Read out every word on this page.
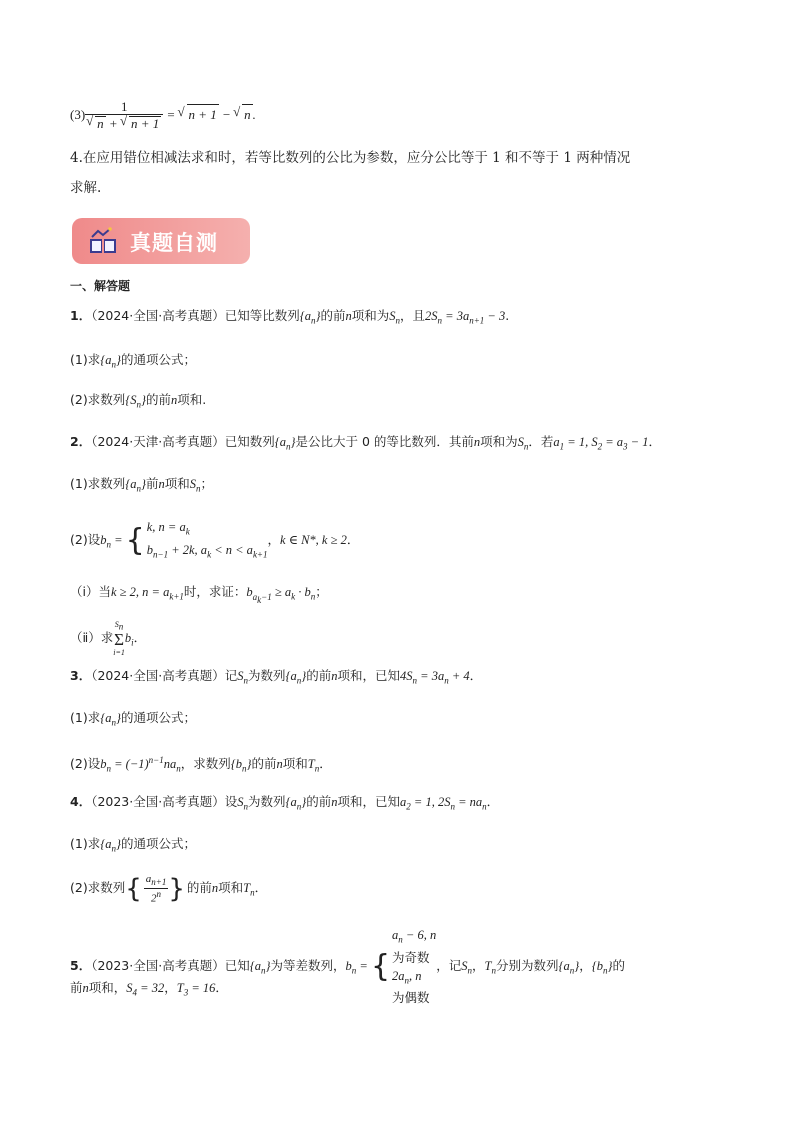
(3) 1
√ n + √ n + 1 = √ n + 1 − √ n .
4.在应用错位相减法求和时，若等比数列的公比为参数，应分公比等于 1 和不等于 1 两种情况
求解.
真题自测
一、解答题
1．（2024·全国·高考真题）已知等比数列$\{a_n\}$的前n项和为$S_n$，且$2S_n = 3a_{n+1} - 3$.
(1)求$\{a_n\}$的通项公式；
(2)求数列$\{S_n\}$的前n项和.
2．（2024·天津·高考真题）已知数列$\{a_n\}$是公比大于 0 的等比数列．其前n项和为$S_n$．若$a_1 = 1$, $S_2 = a_3 - 1$．
(1)求数列$\{a_n\}$前n项和$S_n$；
(2)设$b_n$ = { k, $n = a_k$
$b_{n-1} + 2k$, $a_k < n < a_{k+1}$
，k ∈ N*, k ≥ 2．
（ⅰ）当k ≥ 2, $n = a_{k+1}$时，求证：$b_{a_k-1} \ge a_k \cdot b_n$；
（ⅱ）求$S_n$
Σ
$i=1b_i$．
3．（2024·全国·高考真题）记$S_n$为数列$\{a_n\}$的前n项和，已知$4S_n = 3a_n + 4$．
(1)求$\{a_n\}$的通项公式；
(2)设$b_n = (-1)^{n-1}na_n$，求数列$\{b_n\}$的前n项和$T_n$．
4．（2023·全国·高考真题）设$S_n$为数列$\{a_n\}$的前n项和，已知$a_2 = 1$, $2S_n = na_n$．
(1)求$\{a_n\}$的通项公式；
(2)求数列{ $\frac{a_{n+1}}{2^n}$ } 的前n项和$T_n$．
5．（2023·全国·高考真题）已知$\{a_n\}$为等差数列，$b_n$ = {
$a_n - 6$, n
为奇数
$2a_n$, n
为偶数
，记$S_n$，$T_n$分别为数列$\{a_n\}$，$\{b_n\}$的
前n项和，$S_4 = 32$，$T_3 = 16$．
